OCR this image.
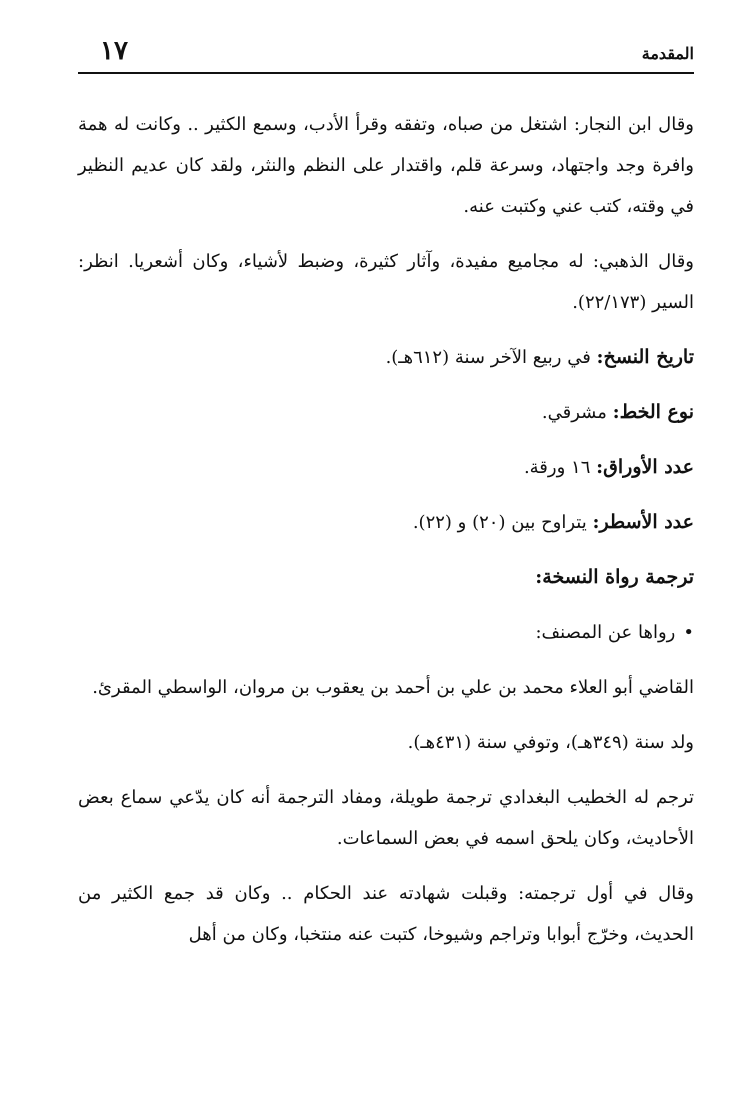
المقدمة
١٧

وقال ابن النجار: اشتغل من صباه، وتفقه وقرأ الأدب، وسمع الكثير .. وكانت له همة وافرة وجد واجتهاد، وسرعة قلم، واقتدار على النظم والنثر، ولقد كان عديم النظير في وقته، كتب عني وكتبت عنه.

وقال الذهبي: له مجاميع مفيدة، وآثار كثيرة، وضبط لأشياء، وكان أشعريا. انظر: السير (٢٢/١٧٣).

تاريخ النسخ: في ربيع الآخر سنة (٦١٢هـ).

نوع الخط: مشرقي.

عدد الأوراق: ١٦ ورقة.

عدد الأسطر: يتراوح بين (٢٠) و (٢٢).

ترجمة رواة النسخة:

•رواها عن المصنف:

القاضي أبو العلاء محمد بن علي بن أحمد بن يعقوب بن مروان، الواسطي المقرئ.

ولد سنة (٣٤٩هـ)، وتوفي سنة (٤٣١هـ).

ترجم له الخطيب البغدادي ترجمة طويلة، ومفاد الترجمة أنه كان يدّعي سماع بعض الأحاديث، وكان يلحق اسمه في بعض السماعات.

وقال في أول ترجمته: وقبلت شهادته عند الحكام .. وكان قد جمع الكثير من الحديث، وخرّج أبوابا وتراجم وشيوخا، كتبت عنه منتخبا، وكان من أهل
